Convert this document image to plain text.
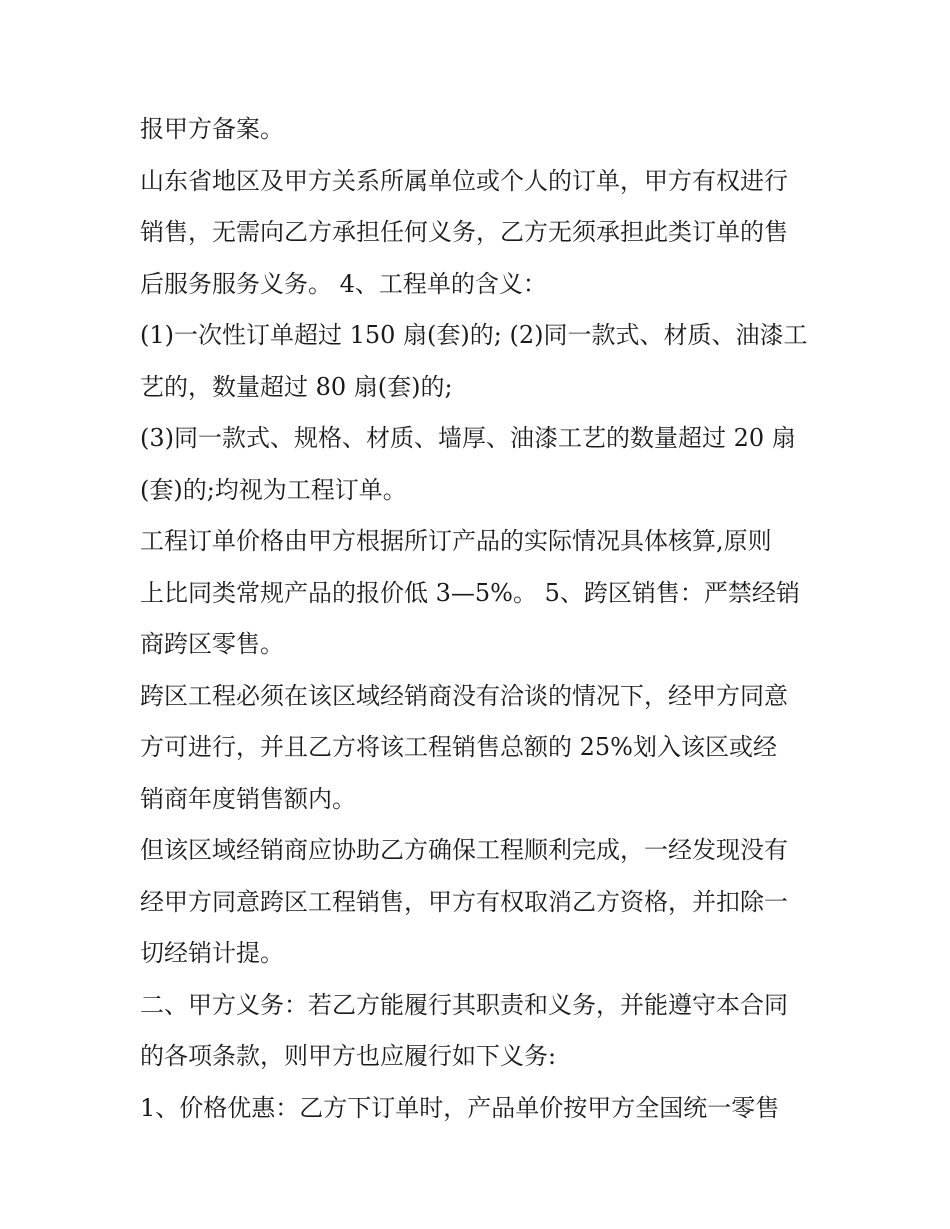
报甲方备案。

山东省地区及甲方关系所属单位或个人的订单，甲方有权进行

销售，无需向乙方承担任何义务，乙方无须承担此类订单的售

后服务服务义务。 4、工程单的含义：

(1)一次性订单超过 150 扇(套)的; (2)同一款式、材质、油漆工

艺的，数量超过 80 扇(套)的;

(3)同一款式、规格、材质、墙厚、油漆工艺的数量超过 20 扇

(套)的;均视为工程订单。

工程订单价格由甲方根据所订产品的实际情况具体核算,原则

上比同类常规产品的报价低 3—5%。 5、跨区销售：严禁经销

商跨区零售。

跨区工程必须在该区域经销商没有洽谈的情况下，经甲方同意

方可进行，并且乙方将该工程销售总额的 25%划入该区或经

销商年度销售额内。

但该区域经销商应协助乙方确保工程顺利完成，一经发现没有

经甲方同意跨区工程销售，甲方有权取消乙方资格，并扣除一

切经销计提。

二、甲方义务：若乙方能履行其职责和义务，并能遵守本合同

的各项条款，则甲方也应履行如下义务:

1、价格优惠：乙方下订单时，产品单价按甲方全国统一零售
